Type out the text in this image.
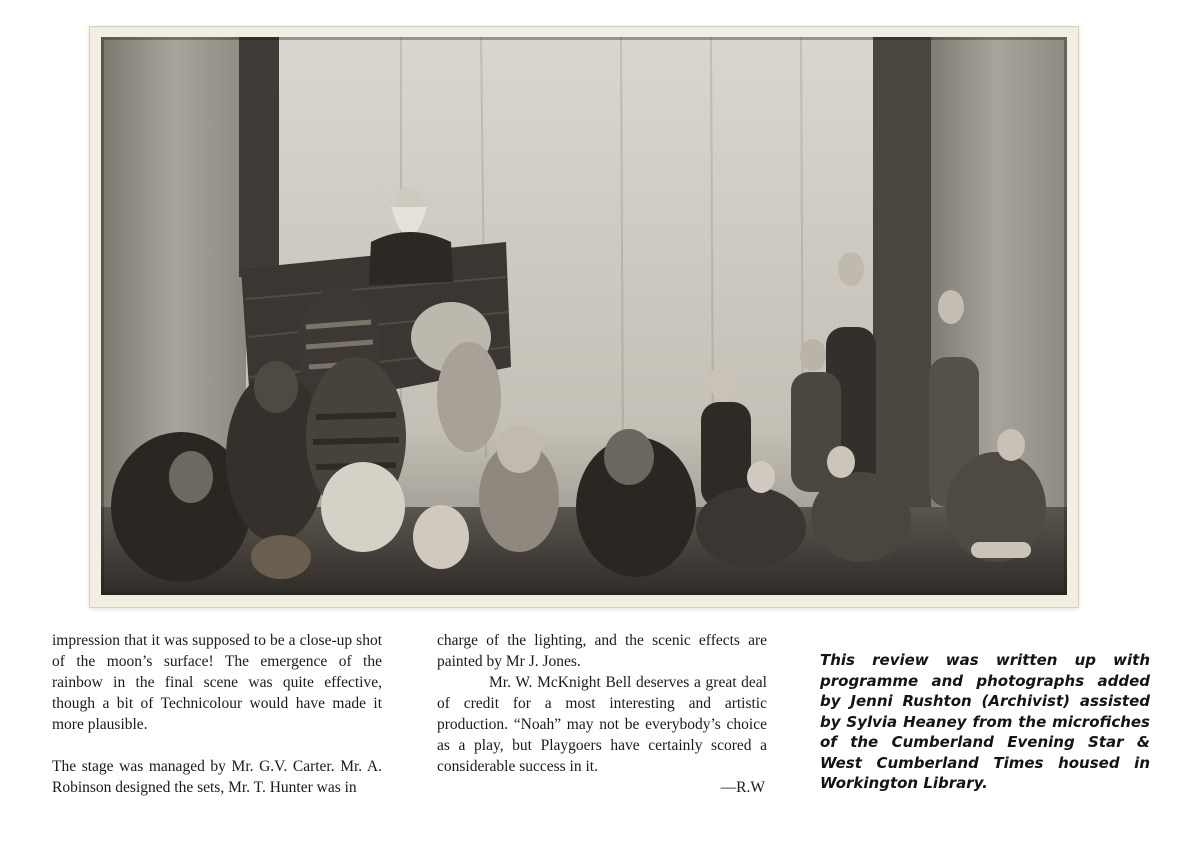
impression that it was supposed to be a close-up shot of the moon’s surface! The emergence of the rainbow in the final scene was quite effective, though a bit of Technicolour would have made it more plausible.

The stage was managed by Mr. G.V. Carter. Mr. A. Robinson designed the sets, Mr. T. Hunter was in

charge of the lighting, and the scenic effects are painted by Mr J. Jones.

Mr. W. McKnight Bell deserves a great deal of credit for a most interesting and artistic production. “Noah” may not be everybody’s choice as a play, but Playgoers have certainly scored a considerable success in it.

—R.W

This review was written up with programme and photographs added by Jenni Rushton (Archivist) assisted by Sylvia Heaney from the microfiches of the Cumberland Evening Star & West Cumberland Times housed in Workington Library.
